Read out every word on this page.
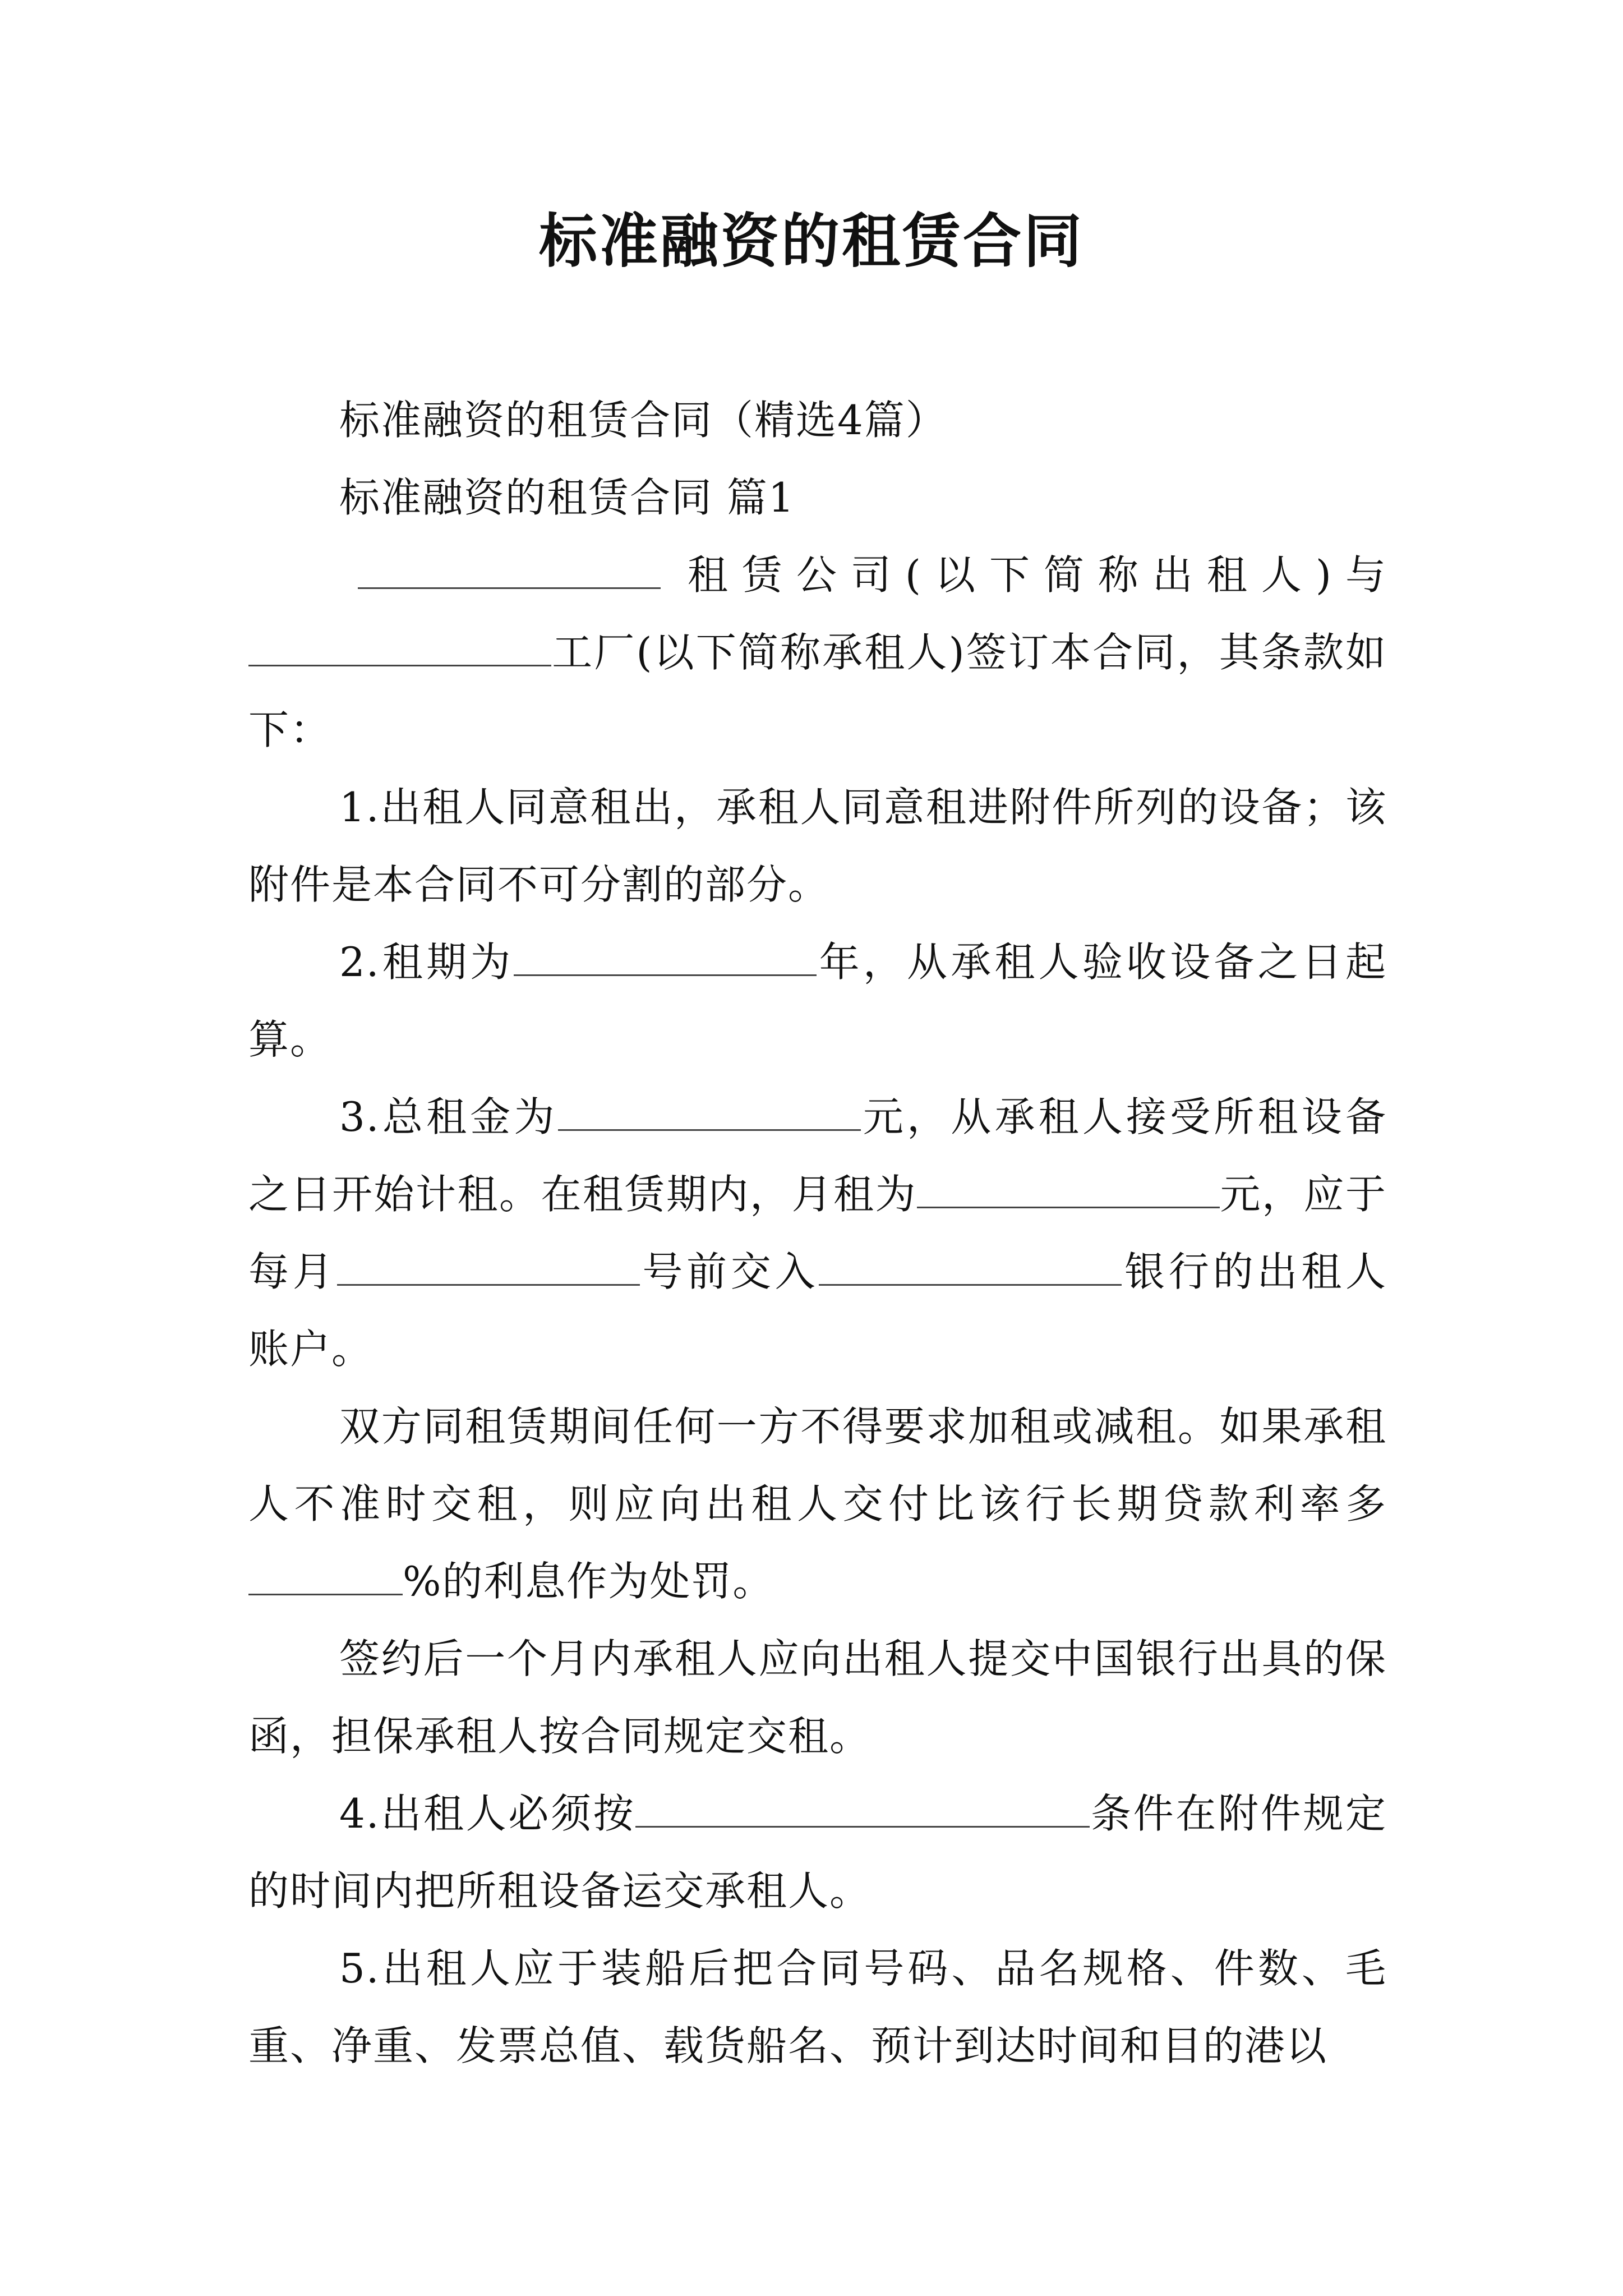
标准融资的租赁合同

标准融资的租赁合同（精选4篇）

标准融资的租赁合同 篇1

租赁公司(以下简称出租人)与

工厂(以下简称承租人)签订本合同，其条款如下：

1.出租人同意租出，承租人同意租进附件所列的设备；该附件是本合同不可分割的部分。

2.租期为	年，从承租人验收设备之日起算。

3.总租金为	元，从承租人接受所租设备之日开始计租。在租赁期内，月租为	元，应于每月	号前交入	银行的出租人账户。

双方同租赁期间任何一方不得要求加租或减租。如果承租人不准时交租，则应向出租人交付比该行长期贷款利率多%的利息作为处罚。

签约后一个月内承租人应向出租人提交中国银行出具的保函，担保承租人按合同规定交租。

4.出租人必须按	条件在附件规定的时间内把所租设备运交承租人。

5.出租人应于装船后把合同号码、品名规格、件数、毛重、净重、发票总值、载货船名、预计到达时间和目的港以
